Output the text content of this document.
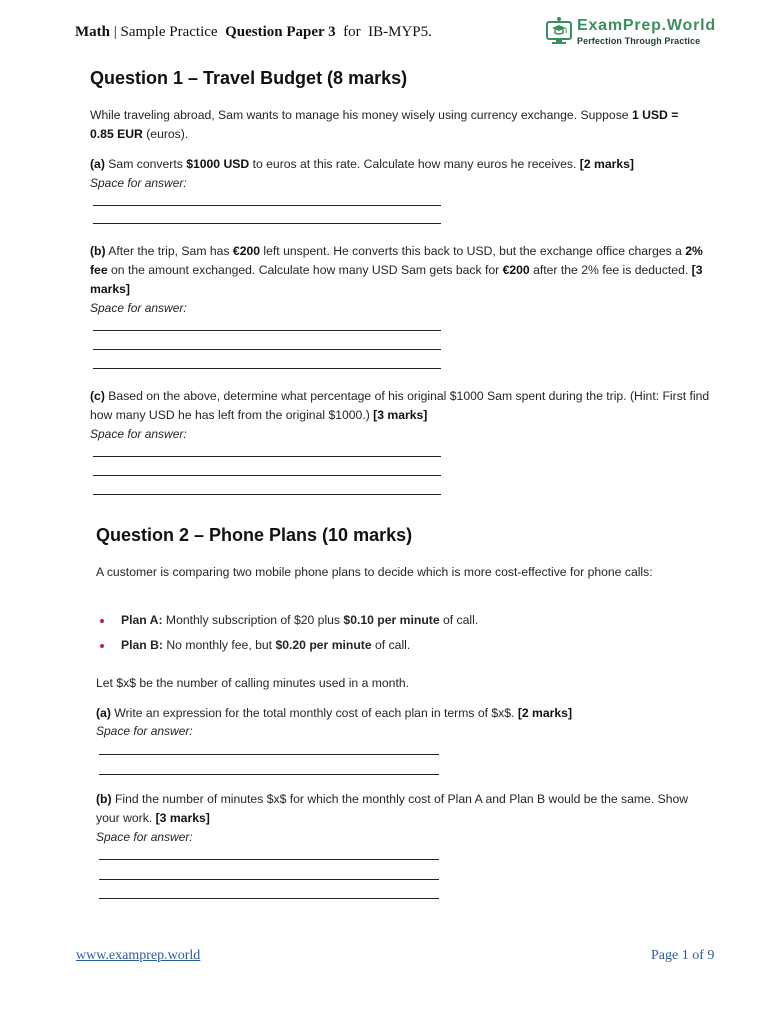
Math | Sample Practice Question Paper 3 for IB-MYP5.	ExamPrep.World
Perfection Through Practice
Question 1 – Travel Budget (8 marks)

While traveling abroad, Sam wants to manage his money wisely using currency exchange. Suppose 1 USD = 0.85 EUR (euros).

(a) Sam converts $1000 USD to euros at this rate. Calculate how many euros he receives. [2 marks]

Space for answer:

(b) After the trip, Sam has €200 left unspent. He converts this back to USD, but the exchange office charges a 2% fee on the amount exchanged. Calculate how many USD Sam gets back for €200 after the 2% fee is deducted. [3 marks]

Space for answer:

(c) Based on the above, determine what percentage of his original $1000 Sam spent during the trip. (Hint: First find how many USD he has left from the original $1000.) [3 marks]

Space for answer:
Question 2 – Phone Plans (10 marks)

A customer is comparing two mobile phone plans to decide which is more cost-effective for phone calls:

Plan A: Monthly subscription of $20 plus $0.10 per minute of call.
Plan B: No monthly fee, but $0.20 per minute of call.

Let $x$ be the number of calling minutes used in a month.

(a) Write an expression for the total monthly cost of each plan in terms of $x$. [2 marks]

Space for answer:

(b) Find the number of minutes $x$ for which the monthly cost of Plan A and Plan B would be the same. Show your work. [3 marks]

Space for answer:
www.examprep.world	Page 1 of 9
